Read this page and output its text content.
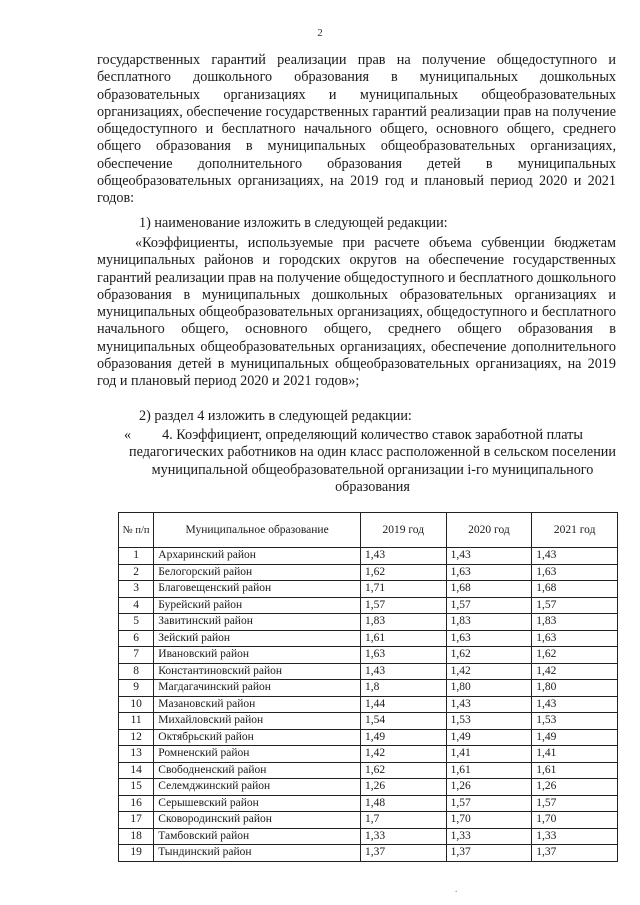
2

государственных гарантий реализации прав на получение общедоступного и бесплатного дошкольного образования в муниципальных дошкольных образовательных организациях и муниципальных общеобразовательных организациях, обеспечение государственных гарантий реализации прав на получение общедоступного и бесплатного начального общего, основного общего, среднего общего образования в муниципальных общеобразовательных организациях, обеспечение дополнительного образования детей в муниципальных общеобразовательных организациях, на 2019 год и плановый период 2020 и 2021 годов:

1) наименование изложить в следующей редакции:

«Коэффициенты, используемые при расчете объема субвенции бюджетам муниципальных районов и городских округов на обеспечение государственных гарантий реализации прав на получение общедоступного и бесплатного дошкольного образования в муниципальных дошкольных образовательных организациях и муниципальных общеобразовательных организациях, общедоступного и бесплатного начального общего, основного общего, среднего общего образования в муниципальных общеобразовательных организациях, обеспечение дополнительного образования детей в муниципальных общеобразовательных организациях, на 2019 год и плановый период 2020 и 2021 годов»;

2) раздел 4 изложить в следующей редакции:

«	4. Коэффициент, определяющий количество ставок заработной платы педагогических работников на один класс расположенной в сельском поселении муниципальной общеобразовательной организации i-го муниципального образования

№ п/п	Муниципальное образование	2019 год	2020 год	2021 год
1	Архаринский район	1,43	1,43	1,43
2	Белогорский район	1,62	1,63	1,63
3	Благовещенский район	1,71	1,68	1,68
4	Бурейский район	1,57	1,57	1,57
5	Завитинский район	1,83	1,83	1,83
6	Зейский район	1,61	1,63	1,63
7	Ивановский район	1,63	1,62	1,62
8	Константиновский район	1,43	1,42	1,42
9	Магдагачинский район	1,8	1,80	1,80
10	Мазановский район	1,44	1,43	1,43
11	Михайловский район	1,54	1,53	1,53
12	Октябрьский район	1,49	1,49	1,49
13	Ромненский район	1,42	1,41	1,41
14	Свободненский район	1,62	1,61	1,61
15	Селемджинский район	1,26	1,26	1,26
16	Серышевский район	1,48	1,57	1,57
17	Сковородинский район	1,7	1,70	1,70
18	Тамбовский район	1,33	1,33	1,33
19	Тындинский район	1,37	1,37	1,37
.
